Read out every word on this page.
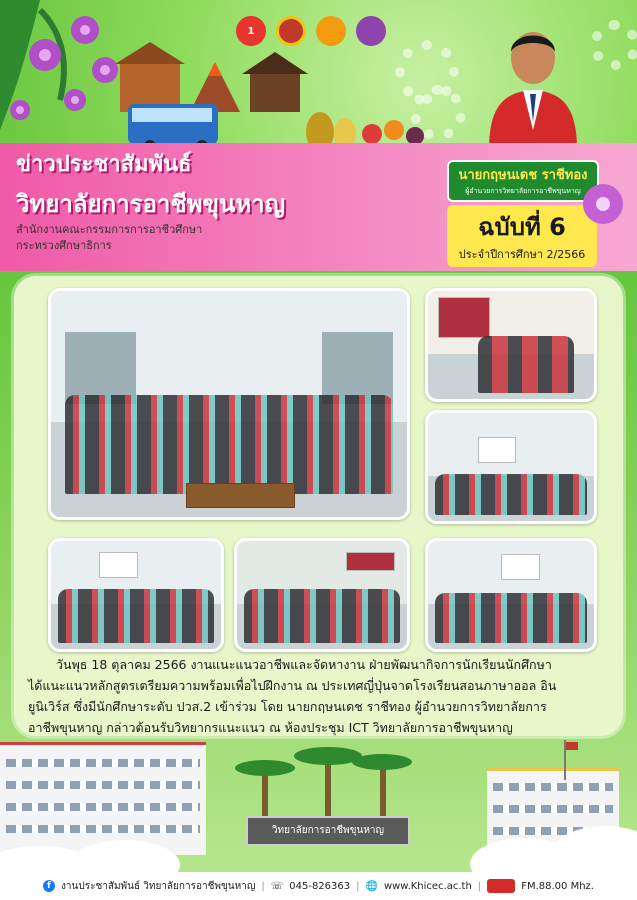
1
ข่าวประชาสัมพันธ์
วิทยาลัยการอาชีพขุนหาญ
สำนักงานคณะกรรมการการอาชีวศึกษา
กระทรวงศึกษาธิการ
นายกฤษนเดช ราชีทอง
ผู้อำนวยการวิทยาลัยการอาชีพขุนหาญ
ฉบับที่ 6
ประจำปีการศึกษา 2/2566

วันพุธ 18 ตุลาคม 2566 งานแนะแนวอาชีพและจัดหางาน ฝ่ายพัฒนากิจการนักเรียนนักศึกษา

ได้แนะแนวหลักสูตรเตรียมความพร้อมเพื่อไปฝึกงาน ณ ประเทศญี่ปุ่นจาดโรงเรียนสอนภาษาออล อิน

ยูนิเวิร์ส ซึ่งมีนักศึกษาระดับ ปวส.2 เข้าร่วม โดย นายกฤษนเดช ราชีทอง ผู้อำนวยการวิทยาลัยการ

อาชีพขุนหาญ กล่าวต้อนรับวิทยากรแนะแนว ณ ห้องประชุม ICT วิทยาลัยการอาชีพขุนหาญ

วิทยาลัยการอาชีพขุนหาญ
f	งานประชาสัมพันธ์ วิทยาลัยการอาชีพขุนหาญ | ☏ 045-826363 | 🌐 www.Khicec.ac.th |	FM.88.00 Mhz.
